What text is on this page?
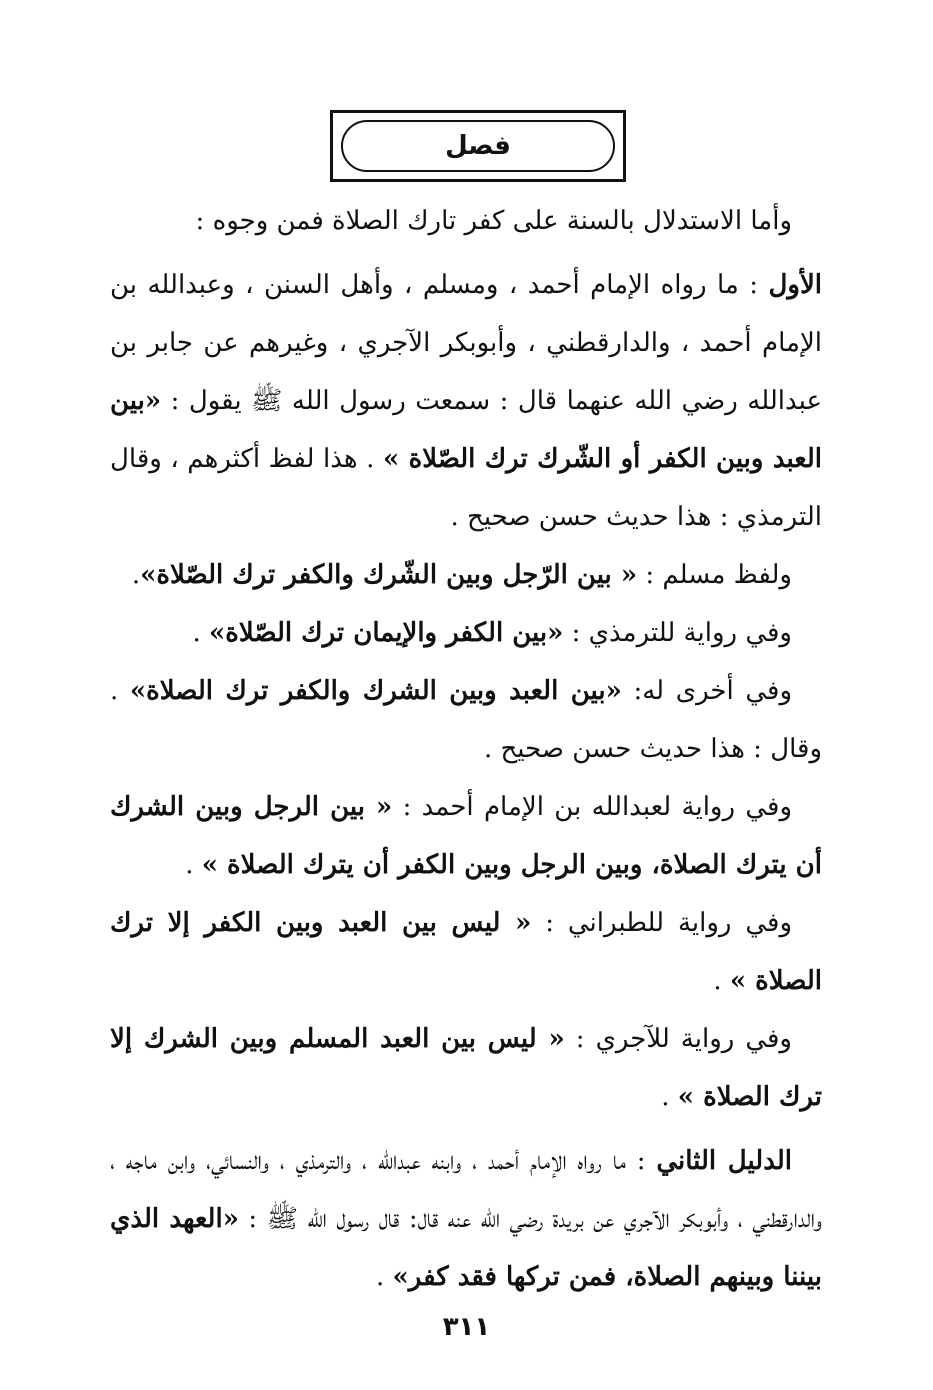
فصل

وأما الاستدلال بالسنة على كفر تارك الصلاة فمن وجوه :

الأول : ما رواه الإمام أحمد ، ومسلم ، وأهل السنن ، وعبدالله بن الإمام أحمد ، والدارقطني ، وأبوبكر الآجري ، وغيرهم عن جابر بن عبدالله رضي الله عنهما قال : سمعت رسول الله ﷺ يقول : «بين العبد وبين الكفر أو الشّرك ترك الصّلاة » . هذا لفظ أكثرهم ، وقال الترمذي : هذا حديث حسن صحيح .

ولفظ مسلم : « بين الرّجل وبين الشّرك والكفر ترك الصّلاة».

وفي رواية للترمذي : «بين الكفر والإيمان ترك الصّلاة» .

وفي أخرى له: «بين العبد وبين الشرك والكفر ترك الصلاة» . وقال : هذا حديث حسن صحيح .

وفي رواية لعبدالله بن الإمام أحمد : « بين الرجل وبين الشرك أن يترك الصلاة، وبين الرجل وبين الكفر أن يترك الصلاة » .

وفي رواية للطبراني : « ليس بين العبد وبين الكفر إلا ترك الصلاة » .

وفي رواية للآجري : « ليس بين العبد المسلم وبين الشرك إلا ترك الصلاة » .

الدليل الثاني : ما رواه الإمام أحمد ، وابنه عبدالله ، والترمذي ، والنسائي، وابن ماجه ، والدارقطني ، وأبوبكر الآجري عن بريدة رضي الله عنه قال: قال رسول الله ﷺ : «العهد الذي بيننا وبينهم الصلاة، فمن تركها فقد كفر» .

٣١١
